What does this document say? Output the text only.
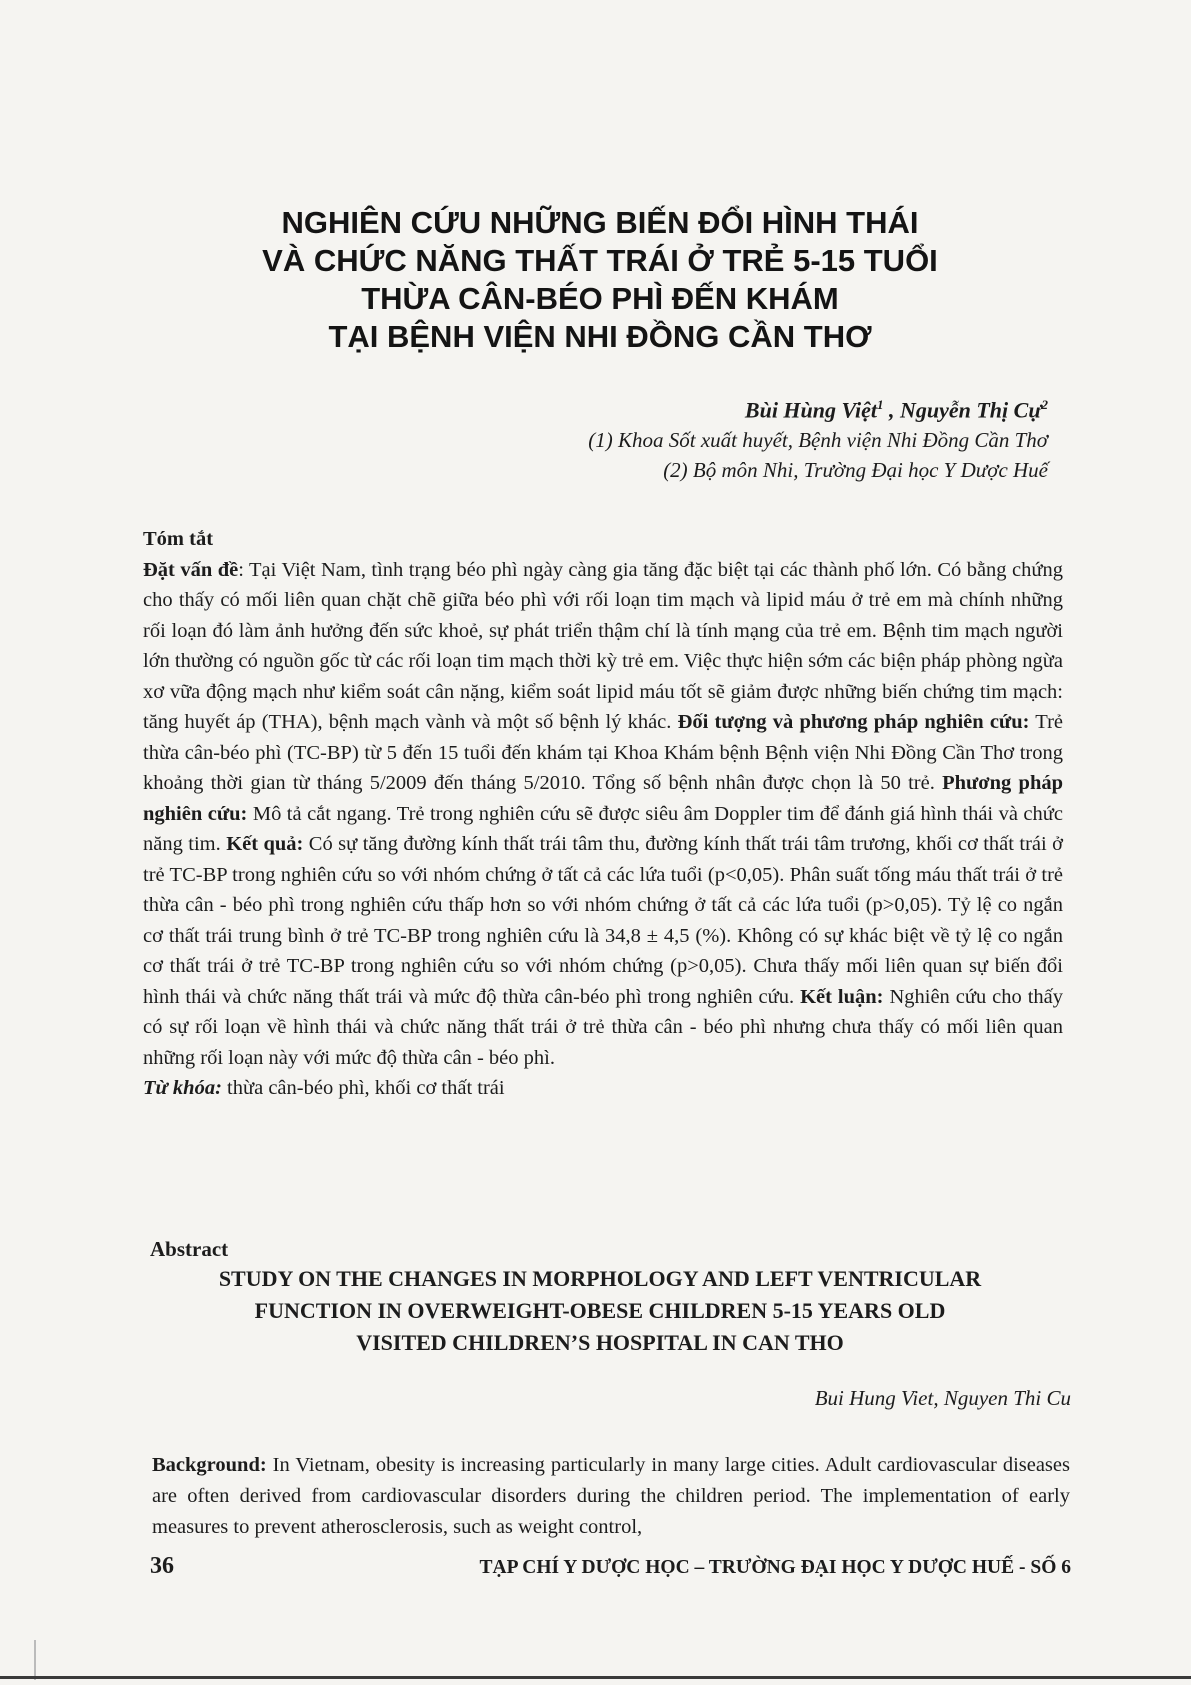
NGHIÊN CỨU NHỮNG BIẾN ĐỔI HÌNH THÁI
VÀ CHỨC NĂNG THẤT TRÁI Ở TRẺ 5-15 TUỔI
THỪA CÂN-BÉO PHÌ ĐẾN KHÁM
TẠI BỆNH VIỆN NHI ĐỒNG CẦN THƠ
Bùi Hùng Việt$^1$ , Nguyễn Thị Cự$^2$
(1) Khoa Sốt xuất huyết, Bệnh viện Nhi Đồng Cần Thơ
(2) Bộ môn Nhi, Trường Đại học Y Dược Huế

Tóm tắt

Đặt vấn đề: Tại Việt Nam, tình trạng béo phì ngày càng gia tăng đặc biệt tại các thành phố lớn. Có bằng chứng cho thấy có mối liên quan chặt chẽ giữa béo phì với rối loạn tim mạch và lipid máu ở trẻ em mà chính những rối loạn đó làm ảnh hưởng đến sức khoẻ, sự phát triển thậm chí là tính mạng của trẻ em. Bệnh tim mạch người lớn thường có nguồn gốc từ các rối loạn tim mạch thời kỳ trẻ em. Việc thực hiện sớm các biện pháp phòng ngừa xơ vữa động mạch như kiểm soát cân nặng, kiểm soát lipid máu tốt sẽ giảm được những biến chứng tim mạch: tăng huyết áp (THA), bệnh mạch vành và một số bệnh lý khác. Đối tượng và phương pháp nghiên cứu: Trẻ thừa cân-béo phì (TC-BP) từ 5 đến 15 tuổi đến khám tại Khoa Khám bệnh Bệnh viện Nhi Đồng Cần Thơ trong khoảng thời gian từ tháng 5/2009 đến tháng 5/2010. Tổng số bệnh nhân được chọn là 50 trẻ. Phương pháp nghiên cứu: Mô tả cắt ngang. Trẻ trong nghiên cứu sẽ được siêu âm Doppler tim để đánh giá hình thái và chức năng tim. Kết quả: Có sự tăng đường kính thất trái tâm thu, đường kính thất trái tâm trương, khối cơ thất trái ở trẻ TC-BP trong nghiên cứu so với nhóm chứng ở tất cả các lứa tuổi (p<0,05). Phân suất tống máu thất trái ở trẻ thừa cân - béo phì trong nghiên cứu thấp hơn so với nhóm chứng ở tất cả các lứa tuổi (p>0,05). Tỷ lệ co ngắn cơ thất trái trung bình ở trẻ TC-BP trong nghiên cứu là 34,8 ± 4,5 (%). Không có sự khác biệt về tỷ lệ co ngắn cơ thất trái ở trẻ TC-BP trong nghiên cứu so với nhóm chứng (p>0,05). Chưa thấy mối liên quan sự biến đổi hình thái và chức năng thất trái và mức độ thừa cân-béo phì trong nghiên cứu. Kết luận: Nghiên cứu cho thấy có sự rối loạn về hình thái và chức năng thất trái ở trẻ thừa cân - béo phì nhưng chưa thấy có mối liên quan những rối loạn này với mức độ thừa cân - béo phì.

Từ khóa: thừa cân-béo phì, khối cơ thất trái

Abstract
STUDY ON THE CHANGES IN MORPHOLOGY AND LEFT VENTRICULAR
FUNCTION IN OVERWEIGHT-OBESE CHILDREN 5-15 YEARS OLD
VISITED CHILDREN’S HOSPITAL IN CAN THO
Bui Hung Viet, Nguyen Thi Cu

Background: In Vietnam, obesity is increasing particularly in many large cities. Adult cardiovascular diseases are often derived from cardiovascular disorders during the children period. The implementation of early measures to prevent atherosclerosis, such as weight control,

36	TẠP CHÍ Y DƯỢC HỌC – TRƯỜNG ĐẠI HỌC Y DƯỢC HUẾ - SỐ 6
